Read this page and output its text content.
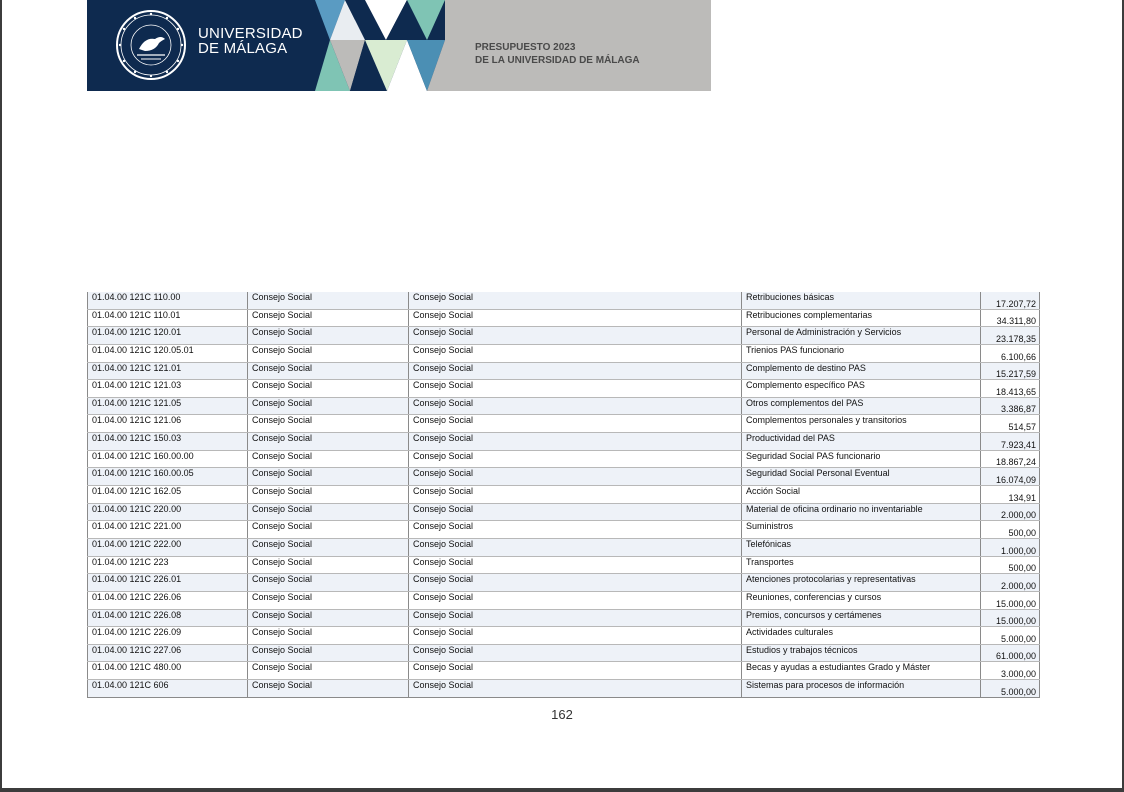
UNIVERSIDAD
DE MÁLAGA	PRESUPUESTO 2023
DE LA UNIVERSIDAD DE MÁLAGA
01.04.00 121C 110.00	Consejo Social	Consejo Social	Retribuciones básicas	17.207,72
01.04.00 121C 110.01	Consejo Social	Consejo Social	Retribuciones complementarias	34.311,80
01.04.00 121C 120.01	Consejo Social	Consejo Social	Personal de Administración y Servicios	23.178,35
01.04.00 121C 120.05.01	Consejo Social	Consejo Social	Trienios PAS funcionario	6.100,66
01.04.00 121C 121.01	Consejo Social	Consejo Social	Complemento de destino PAS	15.217,59
01.04.00 121C 121.03	Consejo Social	Consejo Social	Complemento específico PAS	18.413,65
01.04.00 121C 121.05	Consejo Social	Consejo Social	Otros complementos del PAS	3.386,87
01.04.00 121C 121.06	Consejo Social	Consejo Social	Complementos personales y transitorios	514,57
01.04.00 121C 150.03	Consejo Social	Consejo Social	Productividad del PAS	7.923,41
01.04.00 121C 160.00.00	Consejo Social	Consejo Social	Seguridad Social PAS funcionario	18.867,24
01.04.00 121C 160.00.05	Consejo Social	Consejo Social	Seguridad Social Personal Eventual	16.074,09
01.04.00 121C 162.05	Consejo Social	Consejo Social	Acción Social	134,91
01.04.00 121C 220.00	Consejo Social	Consejo Social	Material de oficina ordinario no inventariable	2.000,00
01.04.00 121C 221.00	Consejo Social	Consejo Social	Suministros	500,00
01.04.00 121C 222.00	Consejo Social	Consejo Social	Telefónicas	1.000,00
01.04.00 121C 223	Consejo Social	Consejo Social	Transportes	500,00
01.04.00 121C 226.01	Consejo Social	Consejo Social	Atenciones protocolarias y representativas	2.000,00
01.04.00 121C 226.06	Consejo Social	Consejo Social	Reuniones, conferencias y cursos	15.000,00
01.04.00 121C 226.08	Consejo Social	Consejo Social	Premios, concursos y certámenes	15.000,00
01.04.00 121C 226.09	Consejo Social	Consejo Social	Actividades culturales	5.000,00
01.04.00 121C 227.06	Consejo Social	Consejo Social	Estudios y trabajos técnicos	61.000,00
01.04.00 121C 480.00	Consejo Social	Consejo Social	Becas y ayudas a estudiantes Grado y Máster	3.000,00
01.04.00 121C 606	Consejo Social	Consejo Social	Sistemas para procesos de información	5.000,00
162
